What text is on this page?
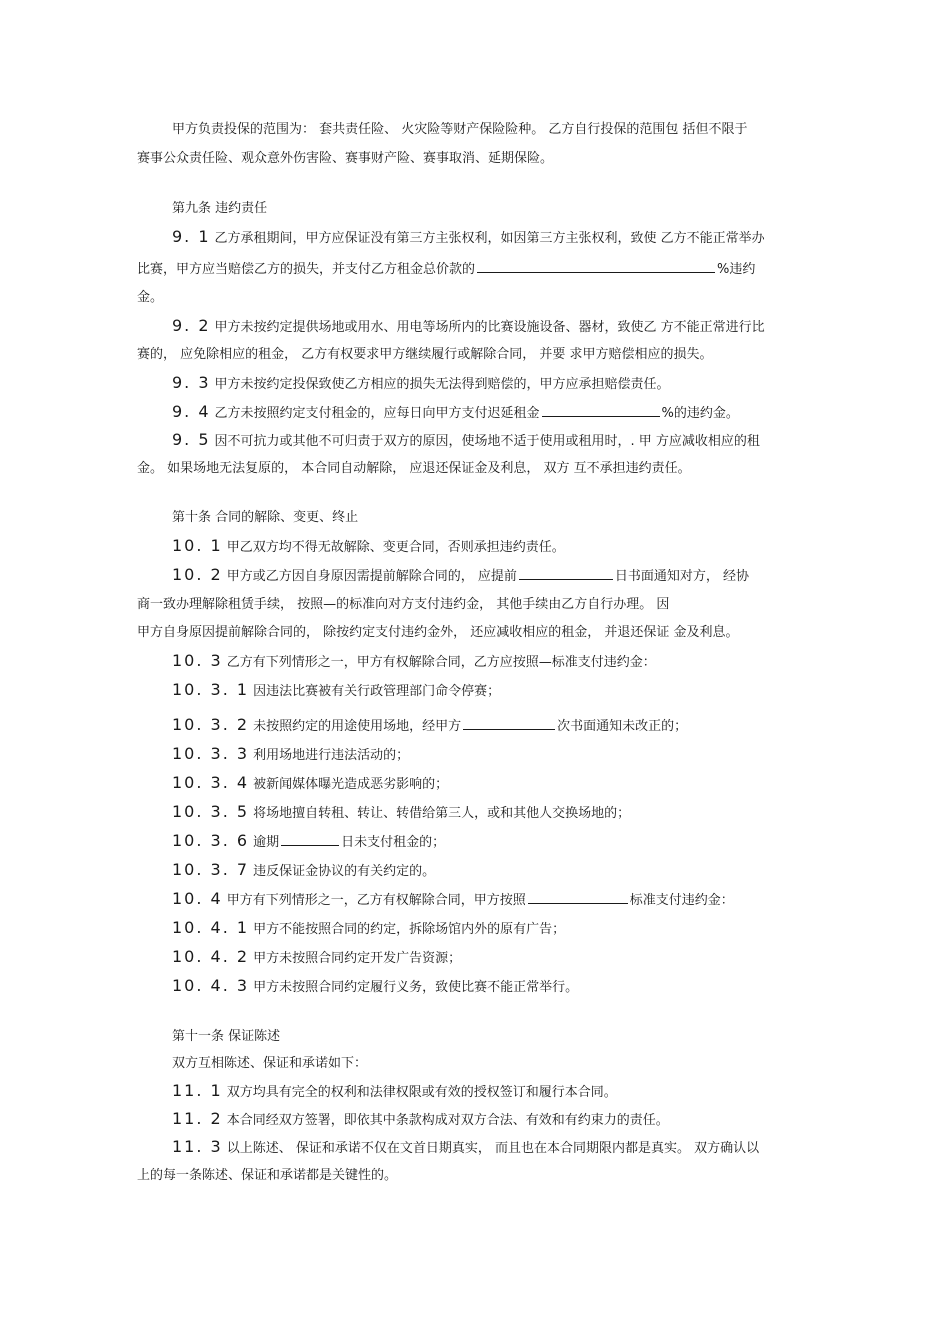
甲方负责投保的范围为： 套共责任险、 火灾险等财产保险险种。 乙方自行投保的范围包 括但不限于
赛事公众责任险、观众意外伤害险、赛事财产险、赛事取消、延期保险。
第九条 违约责任
9. 1 乙方承租期间，甲方应保证没有第三方主张权利，如因第三方主张权利，致使 乙方不能正常举办
比赛，甲方应当赔偿乙方的损失，并支付乙方租金总价款的	%违约
金。
9. 2 甲方未按约定提供场地或用水、用电等场所内的比赛设施设备、器材，致使乙 方不能正常进行比
赛的， 应免除相应的租金， 乙方有权要求甲方继续履行或解除合同， 并要 求甲方赔偿相应的损失。
9. 3 甲方未按约定投保致使乙方相应的损失无法得到赔偿的，甲方应承担赔偿责任。
9. 4 乙方未按照约定支付租金的，应每日向甲方支付迟延租金	%的违约金。
9. 5 因不可抗力或其他不可归责于双方的原因，使场地不适于使用或租用时，. 甲 方应减收相应的租
金。 如果场地无法复原的， 本合同自动解除， 应退还保证金及利息， 双方 互不承担违约责任。
第十条 合同的解除、变更、终止
10. 1 甲乙双方均不得无故解除、变更合同，否则承担违约责任。
10. 2 甲方或乙方因自身原因需提前解除合同的， 应提前	日书面通知对方， 经协
商一致办理解除租赁手续， 按照—的标准向对方支付违约金， 其他手续由乙方自行办理。 因
甲方自身原因提前解除合同的， 除按约定支付违约金外， 还应减收相应的租金， 并退还保证 金及利息。
10. 3 乙方有下列情形之一，甲方有权解除合同，乙方应按照—标准支付违约金：
10. 3. 1 因违法比赛被有关行政管理部门命令停赛；
10. 3. 2 未按照约定的用途使用场地，经甲方	次书面通知未改正的；
10. 3. 3 利用场地进行违法活动的；
10. 3. 4 被新闻媒体曝光造成恶劣影响的；
10. 3. 5 将场地擅自转租、转让、转借给第三人，或和其他人交换场地的；
10. 3. 6 逾期	日未支付租金的；
10. 3. 7 违反保证金协议的有关约定的。
10. 4 甲方有下列情形之一，乙方有权解除合同，甲方按照	标准支付违约金：
10. 4. 1 甲方不能按照合同的约定，拆除场馆内外的原有广告；
10. 4. 2 甲方未按照合同约定开发广告资源；
10. 4. 3 甲方未按照合同约定履行义务，致使比赛不能正常举行。
第十一条 保证陈述
双方互相陈述、保证和承诺如下：
11. 1 双方均具有完全的权利和法律权限或有效的授权签订和履行本合同。
11. 2 本合同经双方签署，即依其中条款构成对双方合法、有效和有约束力的责任。
11. 3 以上陈述、 保证和承诺不仅在文首日期真实， 而且也在本合同期限内都是真实。 双方确认以
上的每一条陈述、保证和承诺都是关键性的。
